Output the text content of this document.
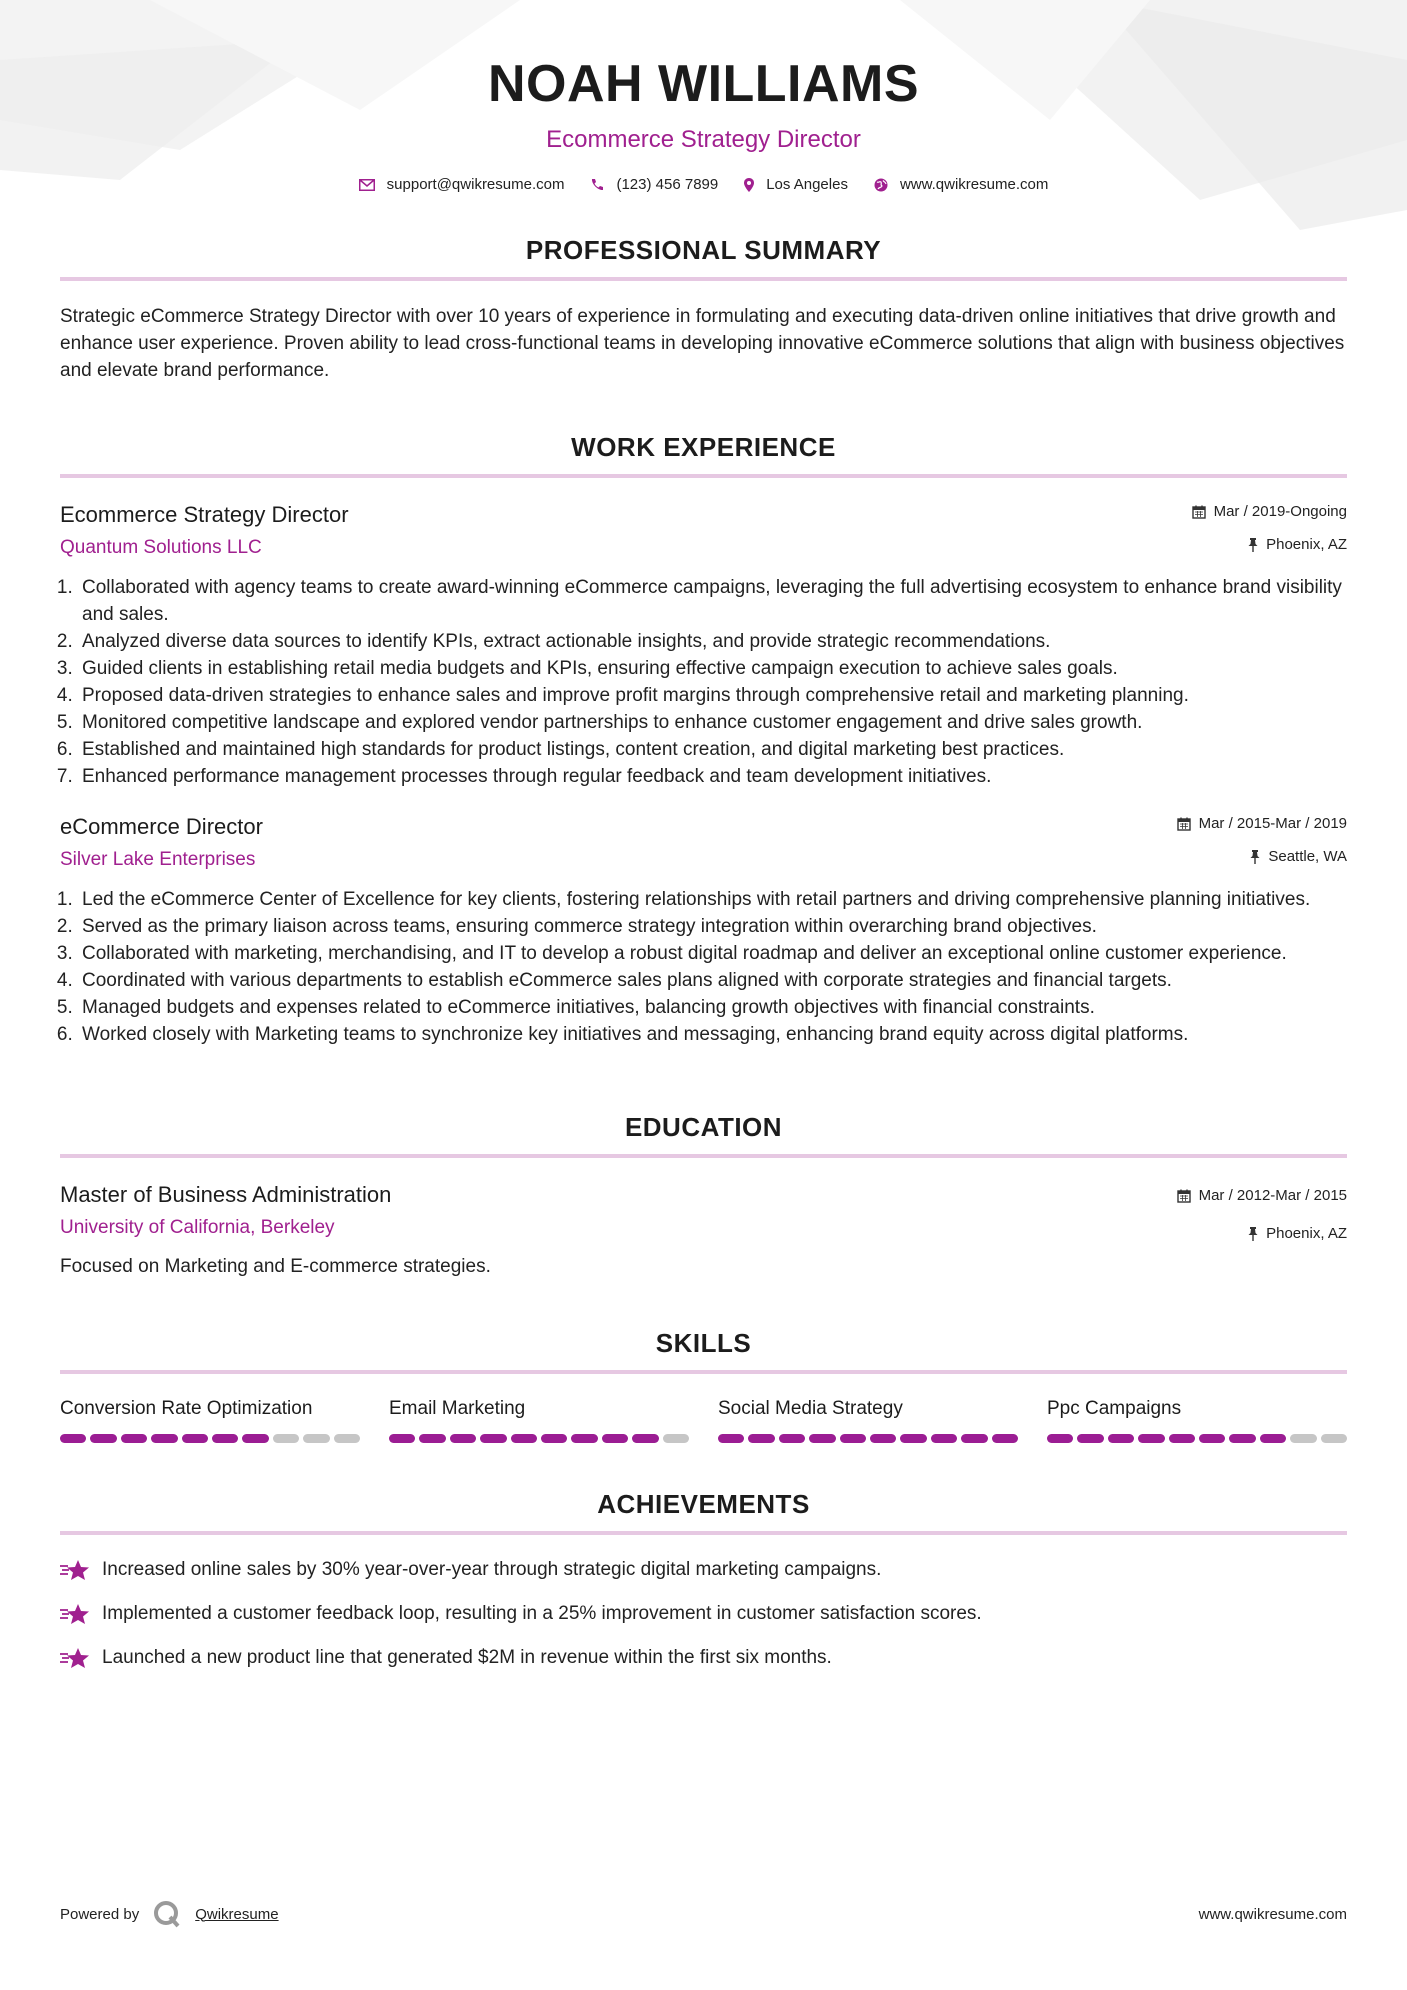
NOAH WILLIAMS
Ecommerce Strategy Director
support@qwikresume.com	(123) 456 7899	Los Angeles	www.qwikresume.com
PROFESSIONAL SUMMARY

Strategic eCommerce Strategy Director with over 10 years of experience in formulating and executing data-driven online initiatives that drive growth and enhance user experience. Proven ability to lead cross-functional teams in developing innovative eCommerce solutions that align with business objectives and elevate brand performance.

WORK EXPERIENCE
Ecommerce Strategy Director
Quantum Solutions LLC
Mar / 2019-Ongoing
Phoenix, AZ
1. Collaborated with agency teams to create award-winning eCommerce campaigns, leveraging the full advertising ecosystem to enhance brand visibility and sales.
2. Analyzed diverse data sources to identify KPIs, extract actionable insights, and provide strategic recommendations.
3. Guided clients in establishing retail media budgets and KPIs, ensuring effective campaign execution to achieve sales goals.
4. Proposed data-driven strategies to enhance sales and improve profit margins through comprehensive retail and marketing planning.
5. Monitored competitive landscape and explored vendor partnerships to enhance customer engagement and drive sales growth.
6. Established and maintained high standards for product listings, content creation, and digital marketing best practices.
7. Enhanced performance management processes through regular feedback and team development initiatives.
eCommerce Director
Silver Lake Enterprises
Mar / 2015-Mar / 2019
Seattle, WA
1. Led the eCommerce Center of Excellence for key clients, fostering relationships with retail partners and driving comprehensive planning initiatives.
2. Served as the primary liaison across teams, ensuring commerce strategy integration within overarching brand objectives.
3. Collaborated with marketing, merchandising, and IT to develop a robust digital roadmap and deliver an exceptional online customer experience.
4. Coordinated with various departments to establish eCommerce sales plans aligned with corporate strategies and financial targets.
5. Managed budgets and expenses related to eCommerce initiatives, balancing growth objectives with financial constraints.
6. Worked closely with Marketing teams to synchronize key initiatives and messaging, enhancing brand equity across digital platforms.
EDUCATION
Master of Business Administration
University of California, Berkeley
Mar / 2012-Mar / 2015
Phoenix, AZ

Focused on Marketing and E-commerce strategies.

SKILLS
Conversion Rate Optimization	Email Marketing	Social Media Strategy	Ppc Campaigns
ACHIEVEMENTS
Increased online sales by 30% year-over-year through strategic digital marketing campaigns.
Implemented a customer feedback loop, resulting in a 25% improvement in customer satisfaction scores.
Launched a new product line that generated $2M in revenue within the first six months.
Powered by	Qwikresume	www.qwikresume.com
